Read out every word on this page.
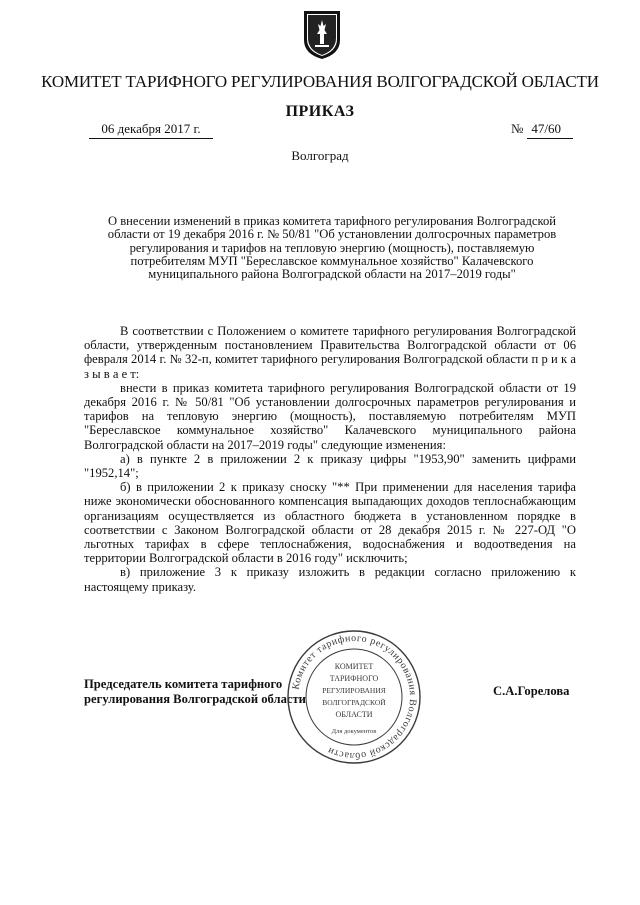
КОМИТЕТ ТАРИФНОГО РЕГУЛИРОВАНИЯ ВОЛГОГРАДСКОЙ ОБЛАСТИ
ПРИКАЗ
06 декабря 2017 г.	№ 47/60
Волгоград
О внесении изменений в приказ комитета тарифного регулирования Волгоградской области от 19 декабря 2016 г. № 50/81 "Об установлении долгосрочных параметров регулирования и тарифов на тепловую энергию (мощность), поставляемую потребителям МУП "Береславское коммунальное хозяйство" Калачевского муниципального района Волгоградской области на 2017–2019 годы"

В соответствии с Положением о комитете тарифного регулирования Волгоградской области, утвержденным постановлением Правительства Волгоградской области от 06 февраля 2014 г. № 32-п, комитет тарифного регулирования Волгоградской области п р и к а з ы в а е т:

внести в приказ комитета тарифного регулирования Волгоградской области от 19 декабря 2016 г. № 50/81 "Об установлении долгосрочных параметров регулирования и тарифов на тепловую энергию (мощность), поставляемую потребителям МУП "Береславское коммунальное хозяйство" Калачевского муниципального района Волгоградской области на 2017–2019 годы" следующие изменения:

а) в пункте 2 в приложении 2 к приказу цифры "1953,90" заменить цифрами "1952,14";

б) в приложении 2 к приказу сноску "** При применении для населения тарифа ниже экономически обоснованного компенсация выпадающих доходов теплоснабжающим организациям осуществляется из областного бюджета в установленном порядке в соответствии с Законом Волгоградской области от 28 декабря 2015 г. № 227-ОД "О льготных тарифах в сфере теплоснабжения, водоснабжения и водоотведения на территории Волгоградской области в 2016 году" исключить;

в) приложение 3 к приказу изложить в редакции согласно приложению к настоящему приказу.

Председатель комитета тарифного
регулирования Волгоградской области
С.А.Горелова
Комитет тарифного регулирования Волгоградской области
КОМИТЕТ
ТАРИФНОГО
РЕГУЛИРОВАНИЯ
ВОЛГОГРАДСКОЙ
ОБЛАСТИ
Для документов
